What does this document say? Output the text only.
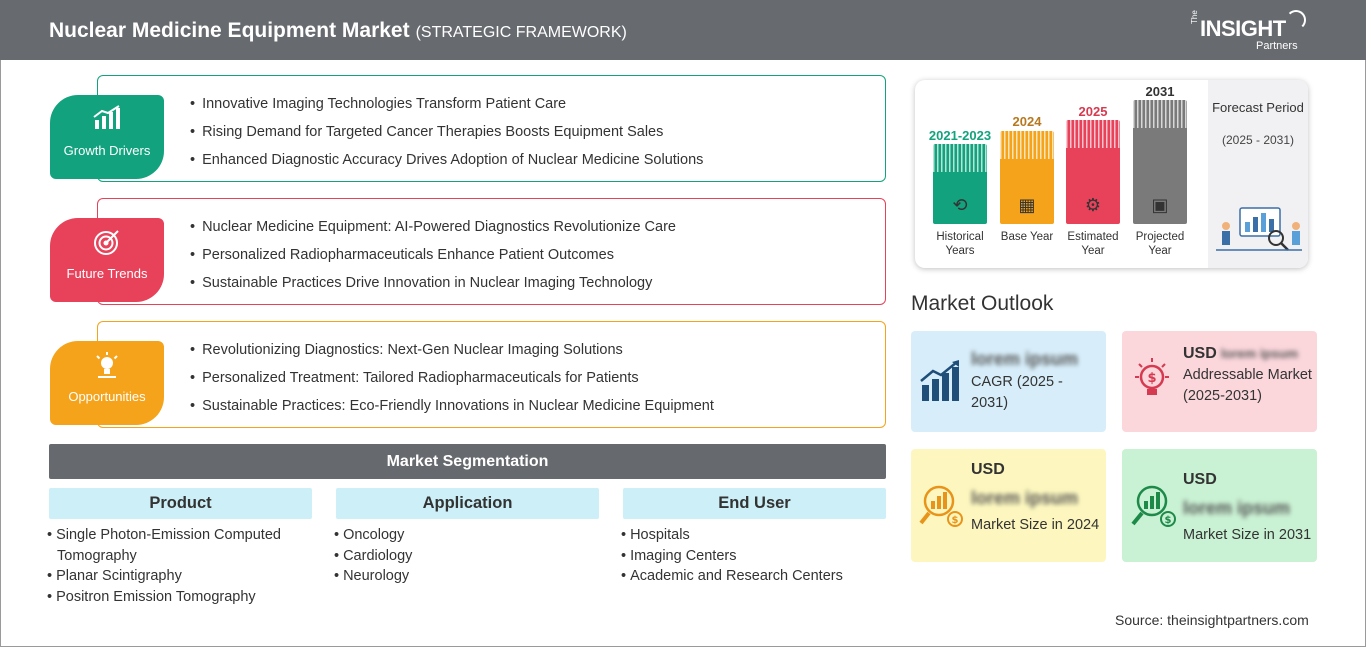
Nuclear Medicine Equipment Market (STRATEGIC FRAMEWORK)
The INSIGHT
Partners
• Innovative Imaging Technologies Transform Patient Care
• Rising Demand for Targeted Cancer Therapies Boosts Equipment Sales
• Enhanced Diagnostic Accuracy Drives Adoption of Nuclear Medicine Solutions
Growth Drivers
• Nuclear Medicine Equipment: AI-Powered Diagnostics Revolutionize Care
• Personalized Radiopharmaceuticals Enhance Patient Outcomes
• Sustainable Practices Drive Innovation in Nuclear Imaging Technology
Future Trends
• Revolutionizing Diagnostics: Next-Gen Nuclear Imaging Solutions
• Personalized Treatment: Tailored Radiopharmaceuticals for Patients
• Sustainable Practices: Eco-Friendly Innovations in Nuclear Medicine Equipment
Opportunities
Market Segmentation
Product
• Single Photon-Emission Computed Tomography
• Planar Scintigraphy
• Positron Emission Tomography
Application
• Oncology
• Cardiology
• Neurology
End User
• Hospitals
• Imaging Centers
• Academic and Research Centers
2021-2023
⟲
Historical Years
2024
▦
Base Year
2025
⚙
Estimated Year
2031
▣
Projected Year
Forecast Period
(2025 - 2031)
Market Outlook
lorem ipsum
CAGR (2025 - 2031)
$
USD lorem ipsum
Addressable Market (2025-2031)
$
USD
lorem ipsum
Market Size in 2024	$
USD
lorem ipsum
Market Size in 2031
Source: theinsightpartners.com
